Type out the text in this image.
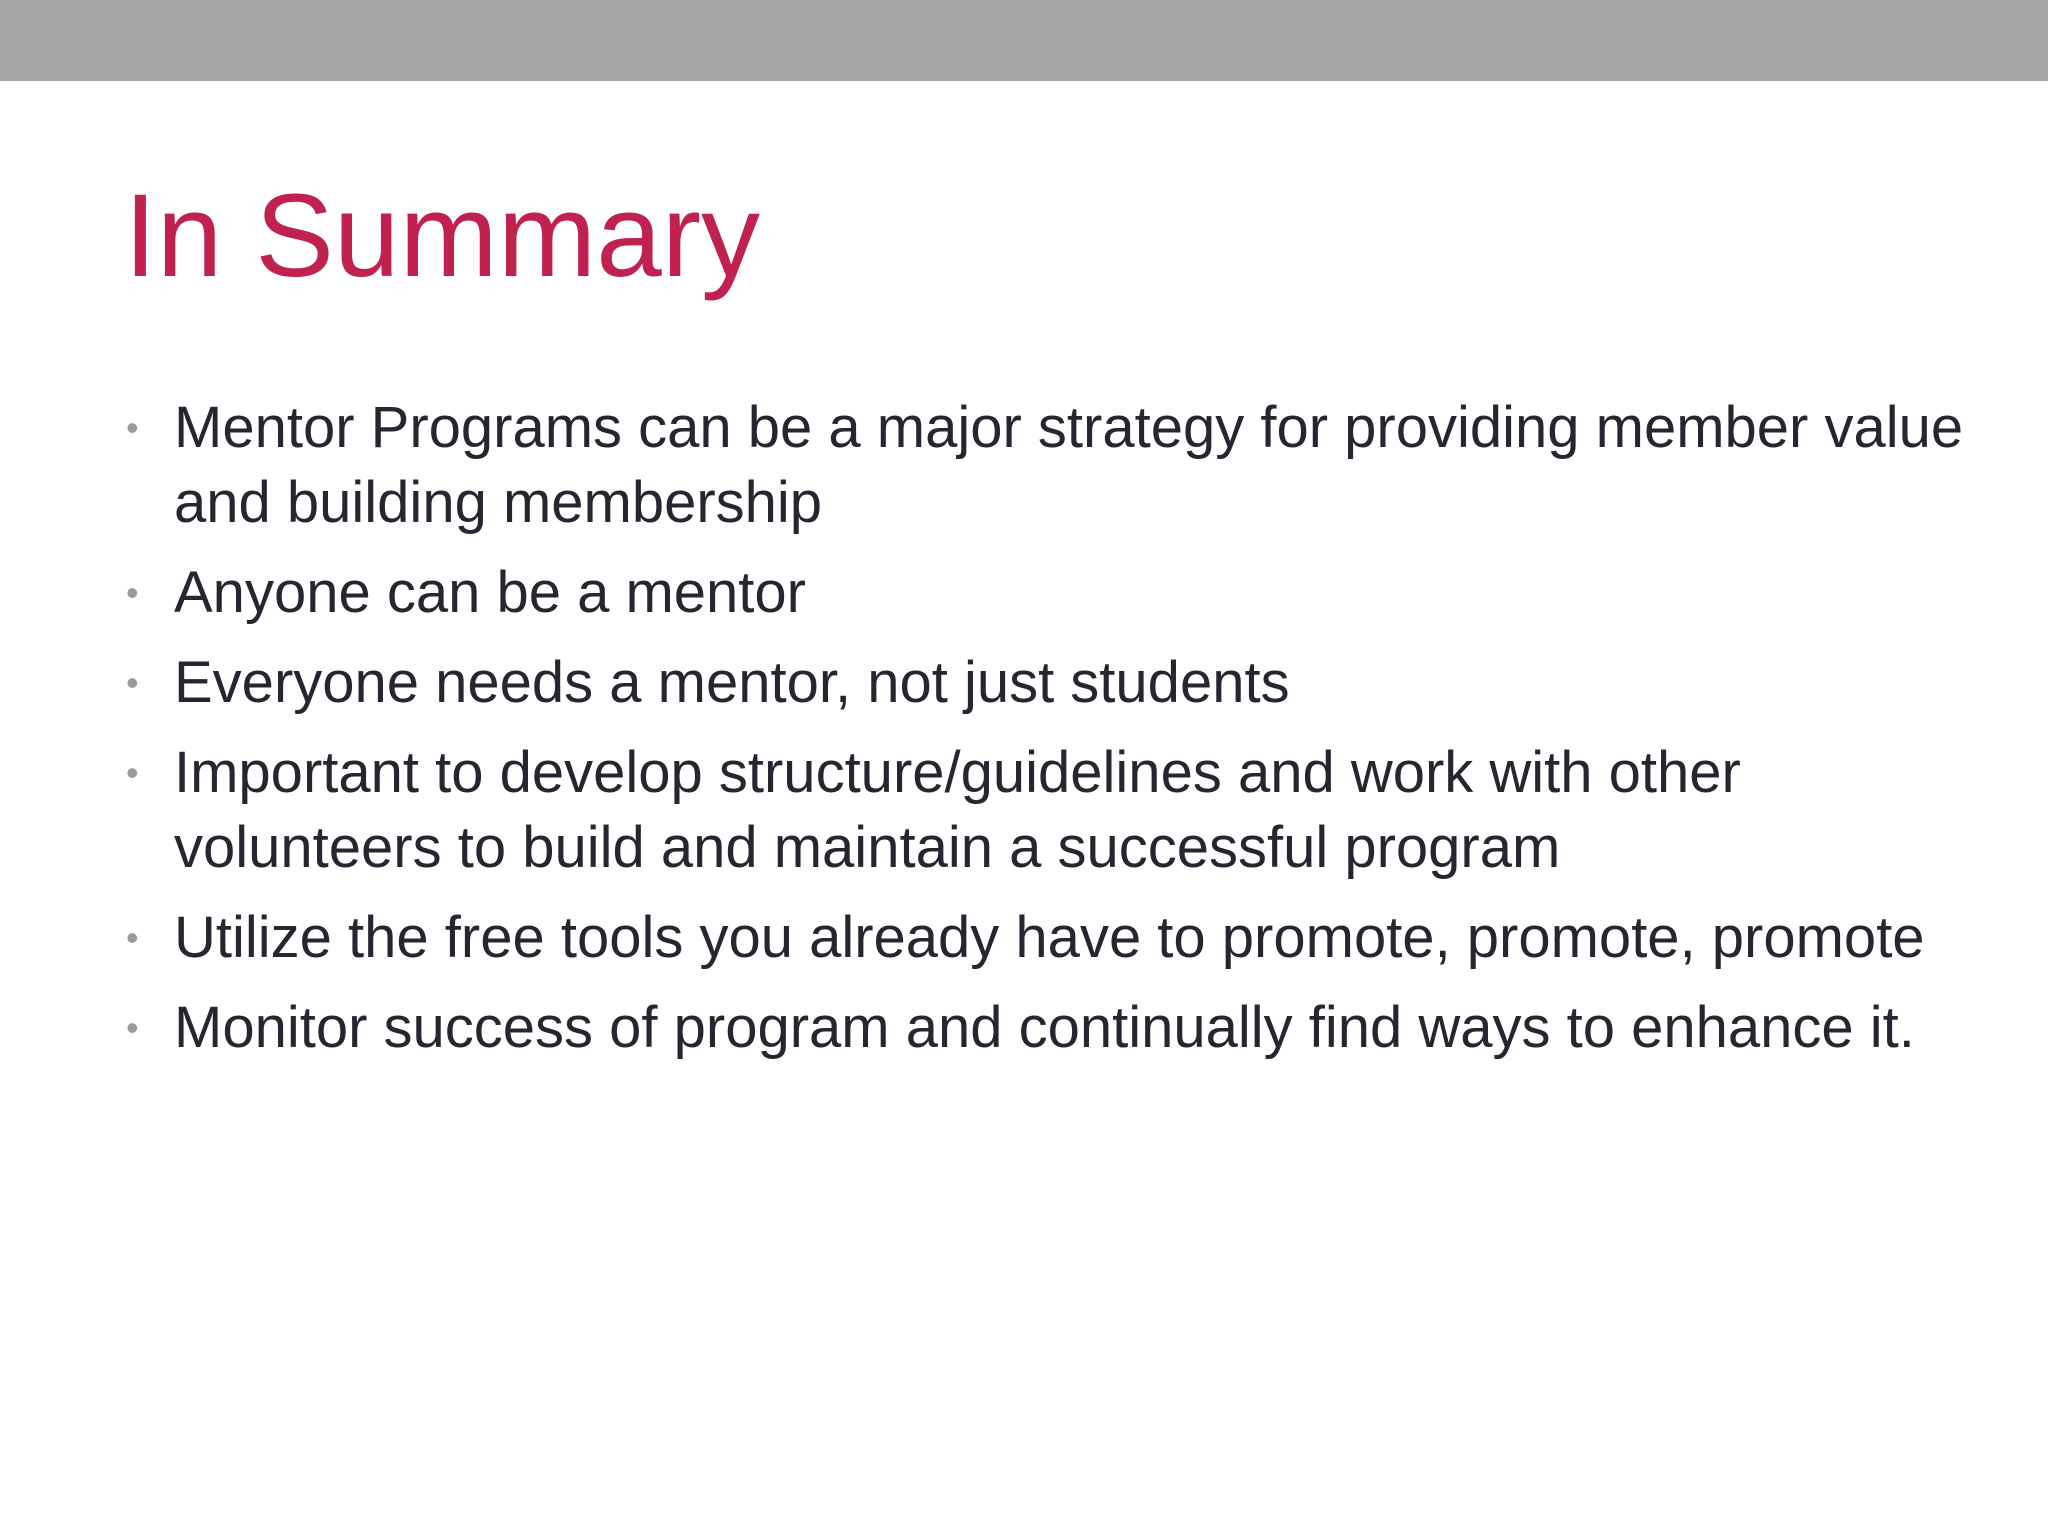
In Summary
• Mentor Programs can be a major strategy for providing member value and building membership
• Anyone can be a mentor
• Everyone needs a mentor, not just students
• Important to develop structure/guidelines and work with other volunteers to build and maintain a successful program
• Utilize the free tools you already have to promote, promote, promote
• Monitor success of program and continually find ways to enhance it.
